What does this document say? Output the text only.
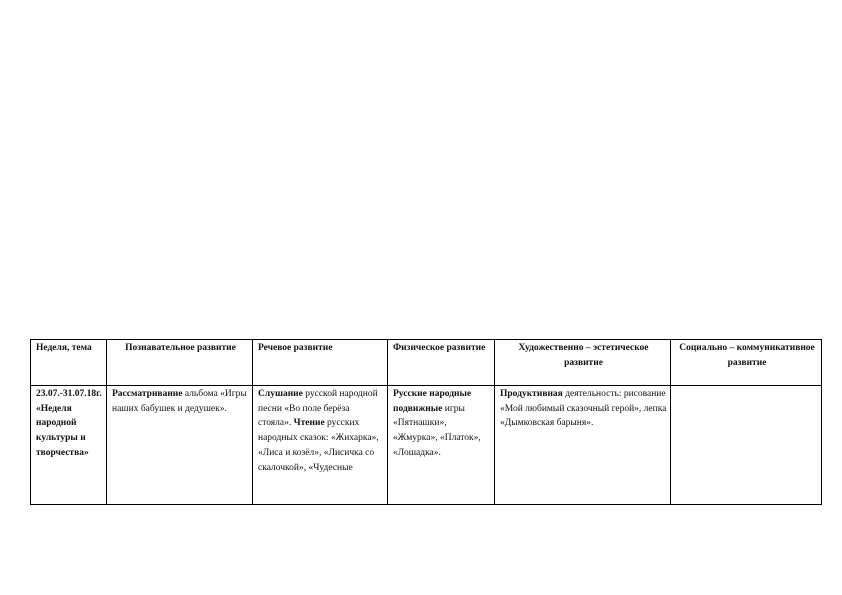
Неделя, тема	Познавательное развитие	Речевое развитие	Физическое развитие	Художественно – эстетическое развитие	Социально – коммуникативное развитие

23.07.-31.07.18г. «Неделя народной культуры и творчества»	Рассматривание альбома «Игры наших бабушек и дедушек».	Слушание русской народной песни «Во поле берёза стояла». Чтение русских народных сказок: «Жихарка», «Лиса и козёл», «Лисичка со скалочкой», «Чудесные	Русские народные подвижные игры «Пятнашки», «Жмурка», «Платок», «Лошадка».	Продуктивная деятельность: рисование «Мой любимый сказочный герой», лепка «Дымковская барыня».	
